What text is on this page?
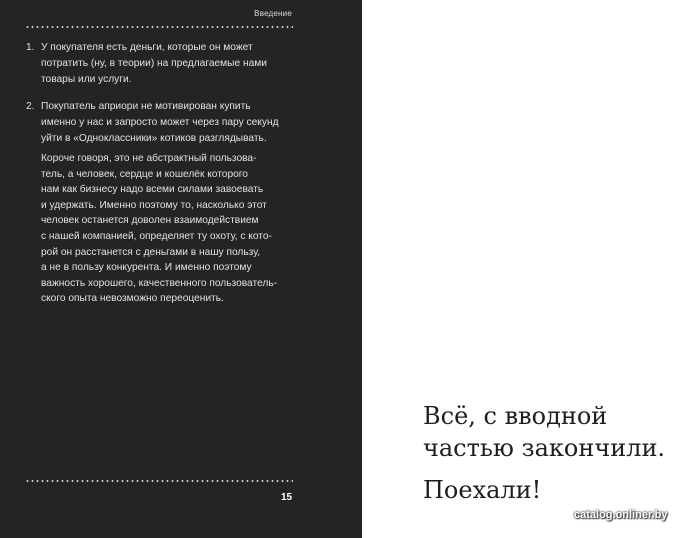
Введение
1. У покупателя есть деньги, которые он может
потратить (ну, в теории) на предлагаемые нами
товары или услуги.
2. Покупатель априори не мотивирован купить
именно у нас и запросто может через пару секунд
уйти в «Одноклассники» котиков разглядывать.

Короче говоря, это не абстрактный пользова-
тель, а человек, сердце и кошелёк которого
нам как бизнесу надо всеми силами завоевать
и удержать. Именно поэтому то, насколько этот
человек останется доволен взаимодействием
с нашей компанией, определяет ту охоту, с кото-
рой он расстанется с деньгами в нашу пользу,
а не в пользу конкурента. И именно поэтому
важность хорошего, качественного пользователь-
ского опыта невозможно переоценить.

15
Всё, с вводной
частью закончили.
Поехали!
catalog.onliner.by
